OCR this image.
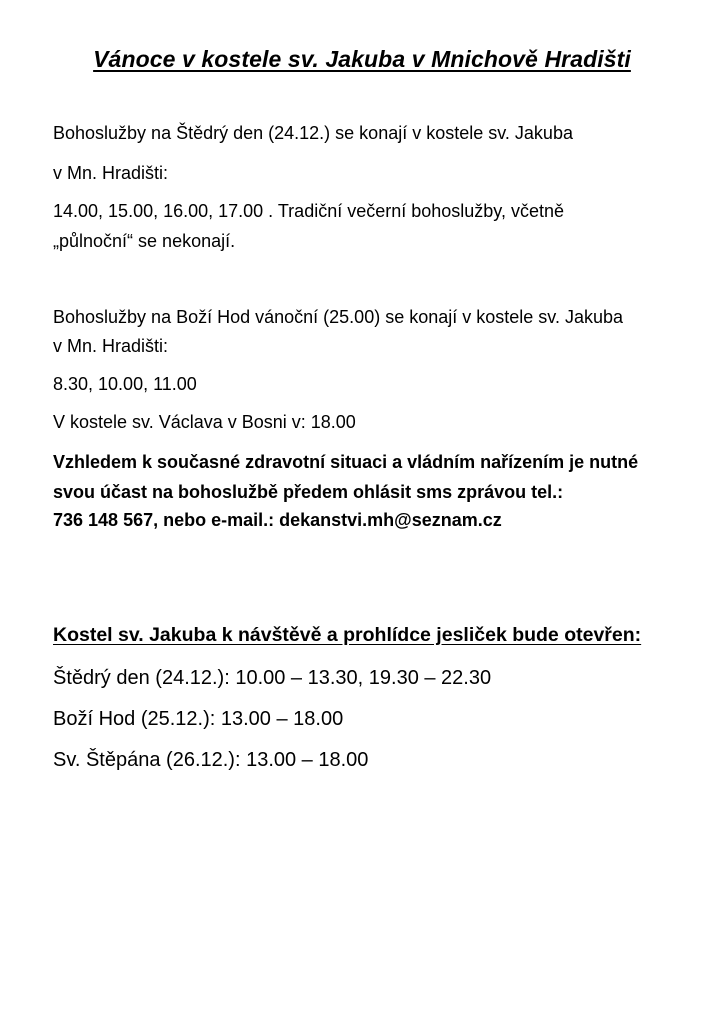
Vánoce v kostele sv. Jakuba v Mnichově Hradišti
Bohoslužby na Štědrý den (24.12.) se konají v kostele sv. Jakuba
v Mn. Hradišti:
14.00, 15.00, 16.00, 17.00 . Tradiční večerní bohoslužby, včetně
„půlnoční“ se nekonají.
Bohoslužby na Boží Hod vánoční (25.00) se konají v kostele sv. Jakuba
v Mn. Hradišti:
8.30, 10.00, 11.00
V kostele sv. Václava v Bosni v: 18.00
Vzhledem k současné zdravotní situaci a vládním nařízením je nutné
svou účast na bohoslužbě předem ohlásit sms zprávou tel.:
736 148 567, nebo e-mail.: dekanstvi.mh@seznam.cz
Kostel sv. Jakuba k návštěvě a prohlídce jesliček bude otevřen:
Štědrý den (24.12.): 10.00 – 13.30, 19.30 – 22.30
Boží Hod (25.12.): 13.00 – 18.00
Sv. Štěpána (26.12.): 13.00 – 18.00
